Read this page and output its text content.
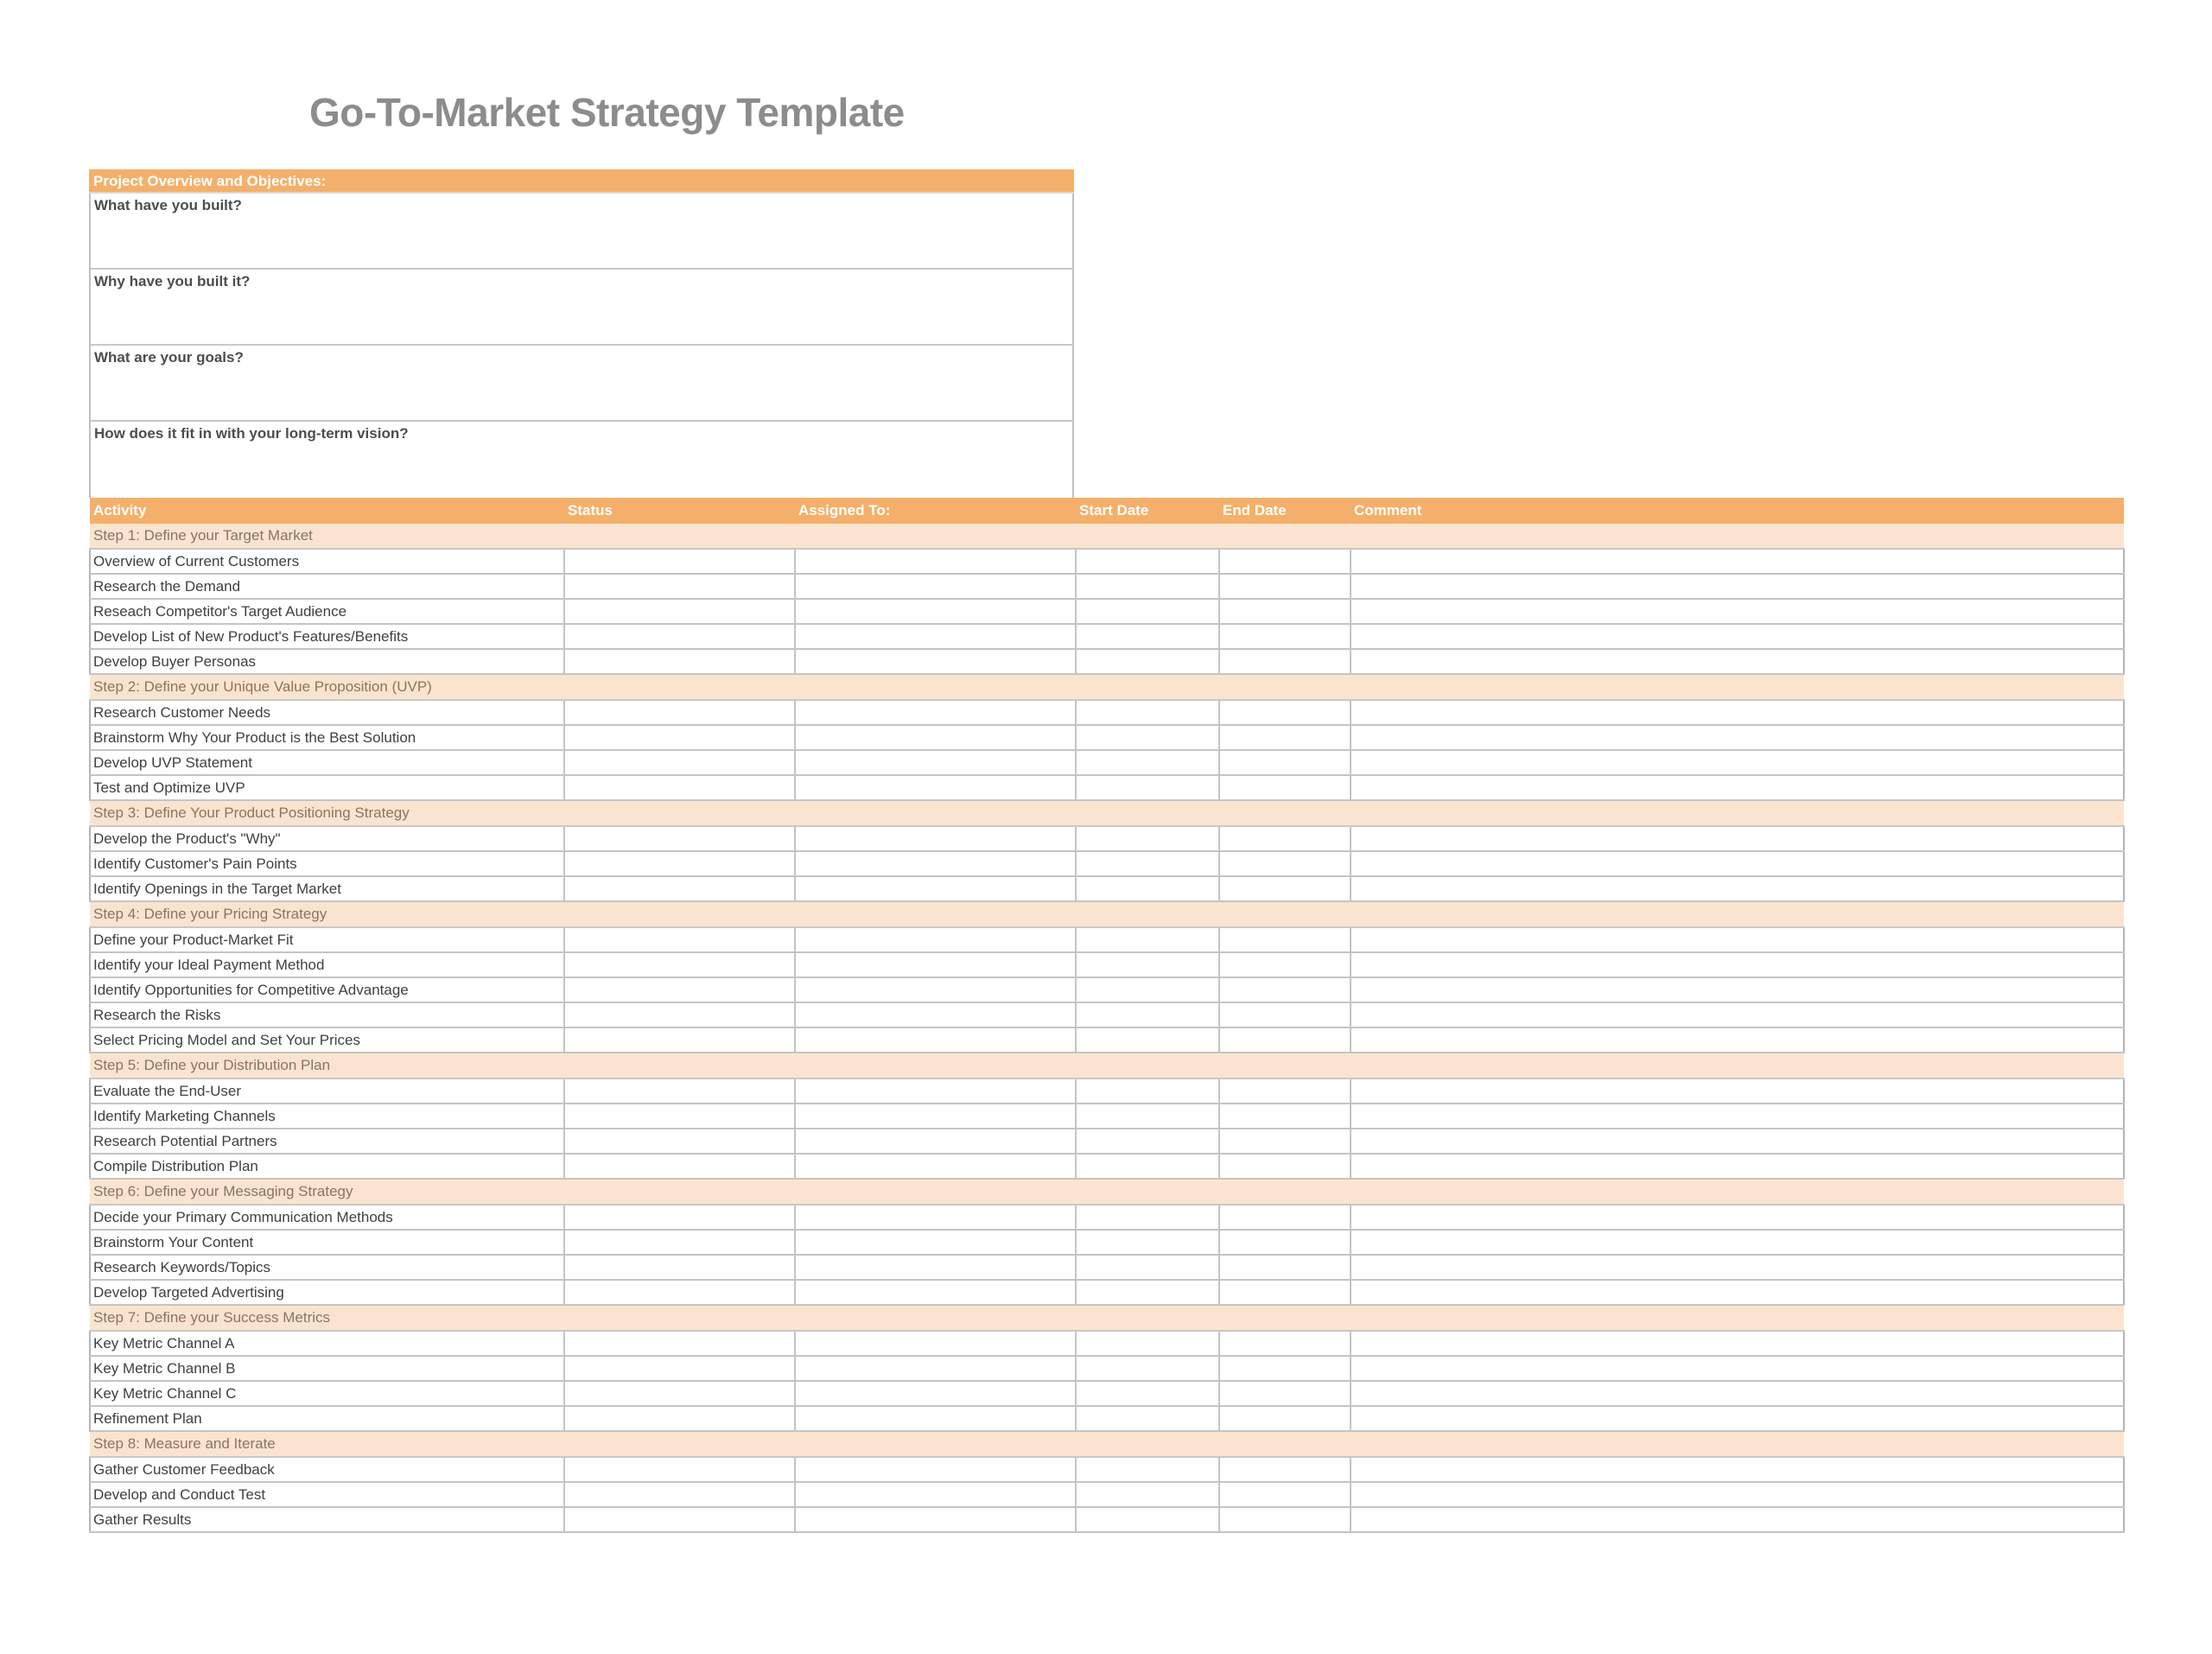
Go-To-Market Strategy Template
Project Overview and Objectives:
What have you built?
Why have you built it?
What are your goals?
How does it fit in with your long-term vision?
Activity	Status	Assigned To:	Start Date	End Date	Comment
Step 1: Define your Target Market					
Overview of Current Customers					
Research the Demand					
Reseach Competitor's Target Audience					
Develop List of New Product's Features/Benefits					
Develop Buyer Personas					
Step 2: Define your Unique Value Proposition (UVP)					
Research Customer Needs					
Brainstorm Why Your Product is the Best Solution					
Develop UVP Statement					
Test and Optimize UVP					
Step 3: Define Your Product Positioning Strategy					
Develop the Product's "Why"					
Identify Customer's Pain Points					
Identify Openings in the Target Market					
Step 4: Define your Pricing Strategy					
Define your Product-Market Fit					
Identify your Ideal Payment Method					
Identify Opportunities for Competitive Advantage					
Research the Risks					
Select Pricing Model and Set Your Prices					
Step 5: Define your Distribution Plan					
Evaluate the End-User					
Identify Marketing Channels					
Research Potential Partners					
Compile Distribution Plan					
Step 6: Define your Messaging Strategy					
Decide your Primary Communication Methods					
Brainstorm Your Content					
Research Keywords/Topics					
Develop Targeted Advertising					
Step 7: Define your Success Metrics					
Key Metric Channel A					
Key Metric Channel B					
Key Metric Channel C					
Refinement Plan					
Step 8: Measure and Iterate					
Gather Customer Feedback					
Develop and Conduct Test					
Gather Results					
